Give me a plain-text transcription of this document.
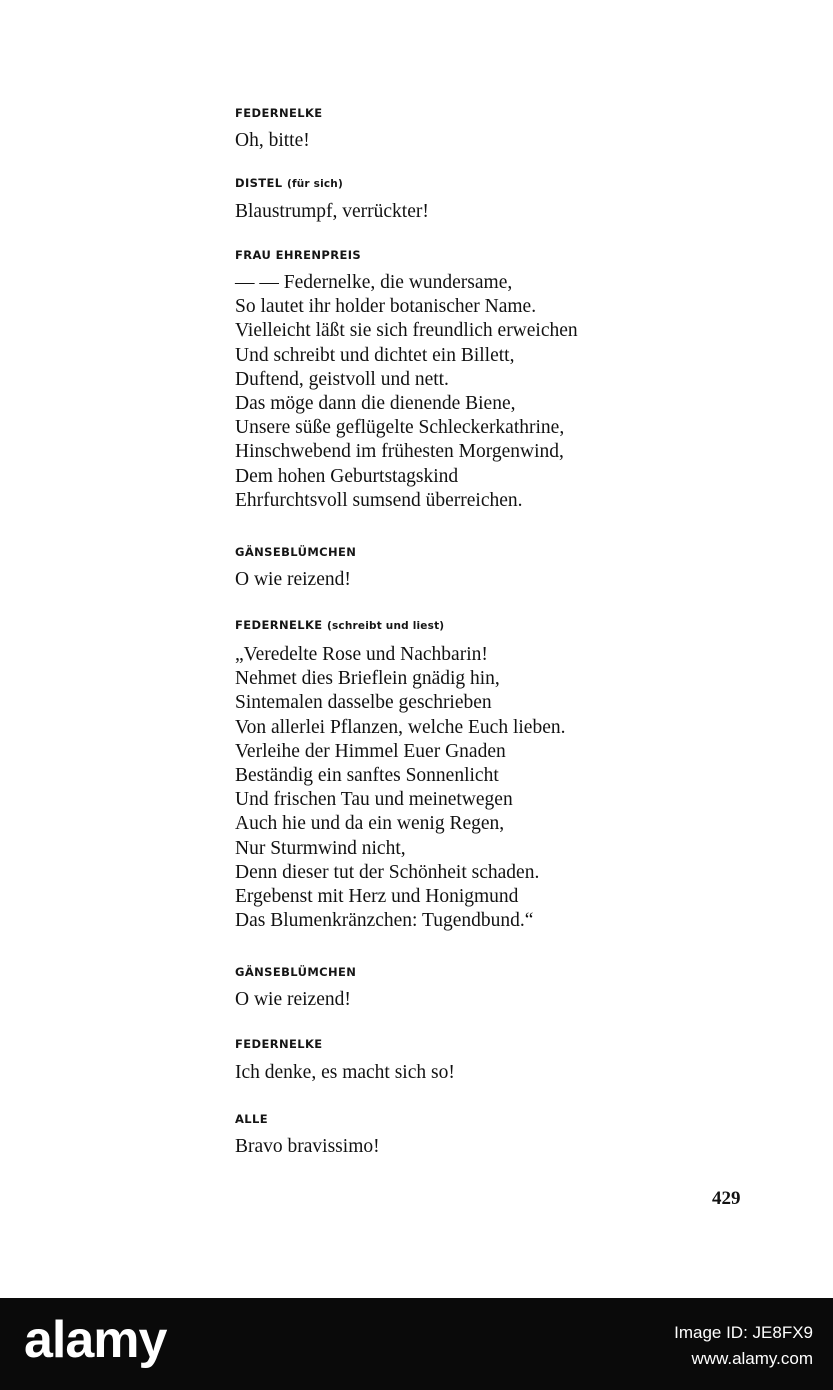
FEDERNELKE
Oh, bitte!
DISTEL (für sich)
Blaustrumpf, verrückter!
FRAU EHRENPREIS
— — Federnelke, die wundersame,
So lautet ihr holder botanischer Name.
Vielleicht läßt sie sich freundlich erweichen
Und schreibt und dichtet ein Billett,
Duftend, geistvoll und nett.
Das möge dann die dienende Biene,
Unsere süße geflügelte Schleckerkathrine,
Hinschwebend im frühesten Morgenwind,
Dem hohen Geburtstagskind
Ehrfurchtsvoll sumsend überreichen.
GÄNSEBLÜMCHEN
O wie reizend!
FEDERNELKE (schreibt und liest)
„Veredelte Rose und Nachbarin!
Nehmet dies Brieflein gnädig hin,
Sintemalen dasselbe geschrieben
Von allerlei Pflanzen, welche Euch lieben.
Verleihe der Himmel Euer Gnaden
Beständig ein sanftes Sonnenlicht
Und frischen Tau und meinetwegen
Auch hie und da ein wenig Regen,
Nur Sturmwind nicht,
Denn dieser tut der Schönheit schaden.
Ergebenst mit Herz und Honigmund
Das Blumenkränzchen: Tugendbund.“
GÄNSEBLÜMCHEN
O wie reizend!
FEDERNELKE
Ich denke, es macht sich so!
ALLE
Bravo bravissimo!
429
alamy	Image ID: JE8FX9
www.alamy.com
